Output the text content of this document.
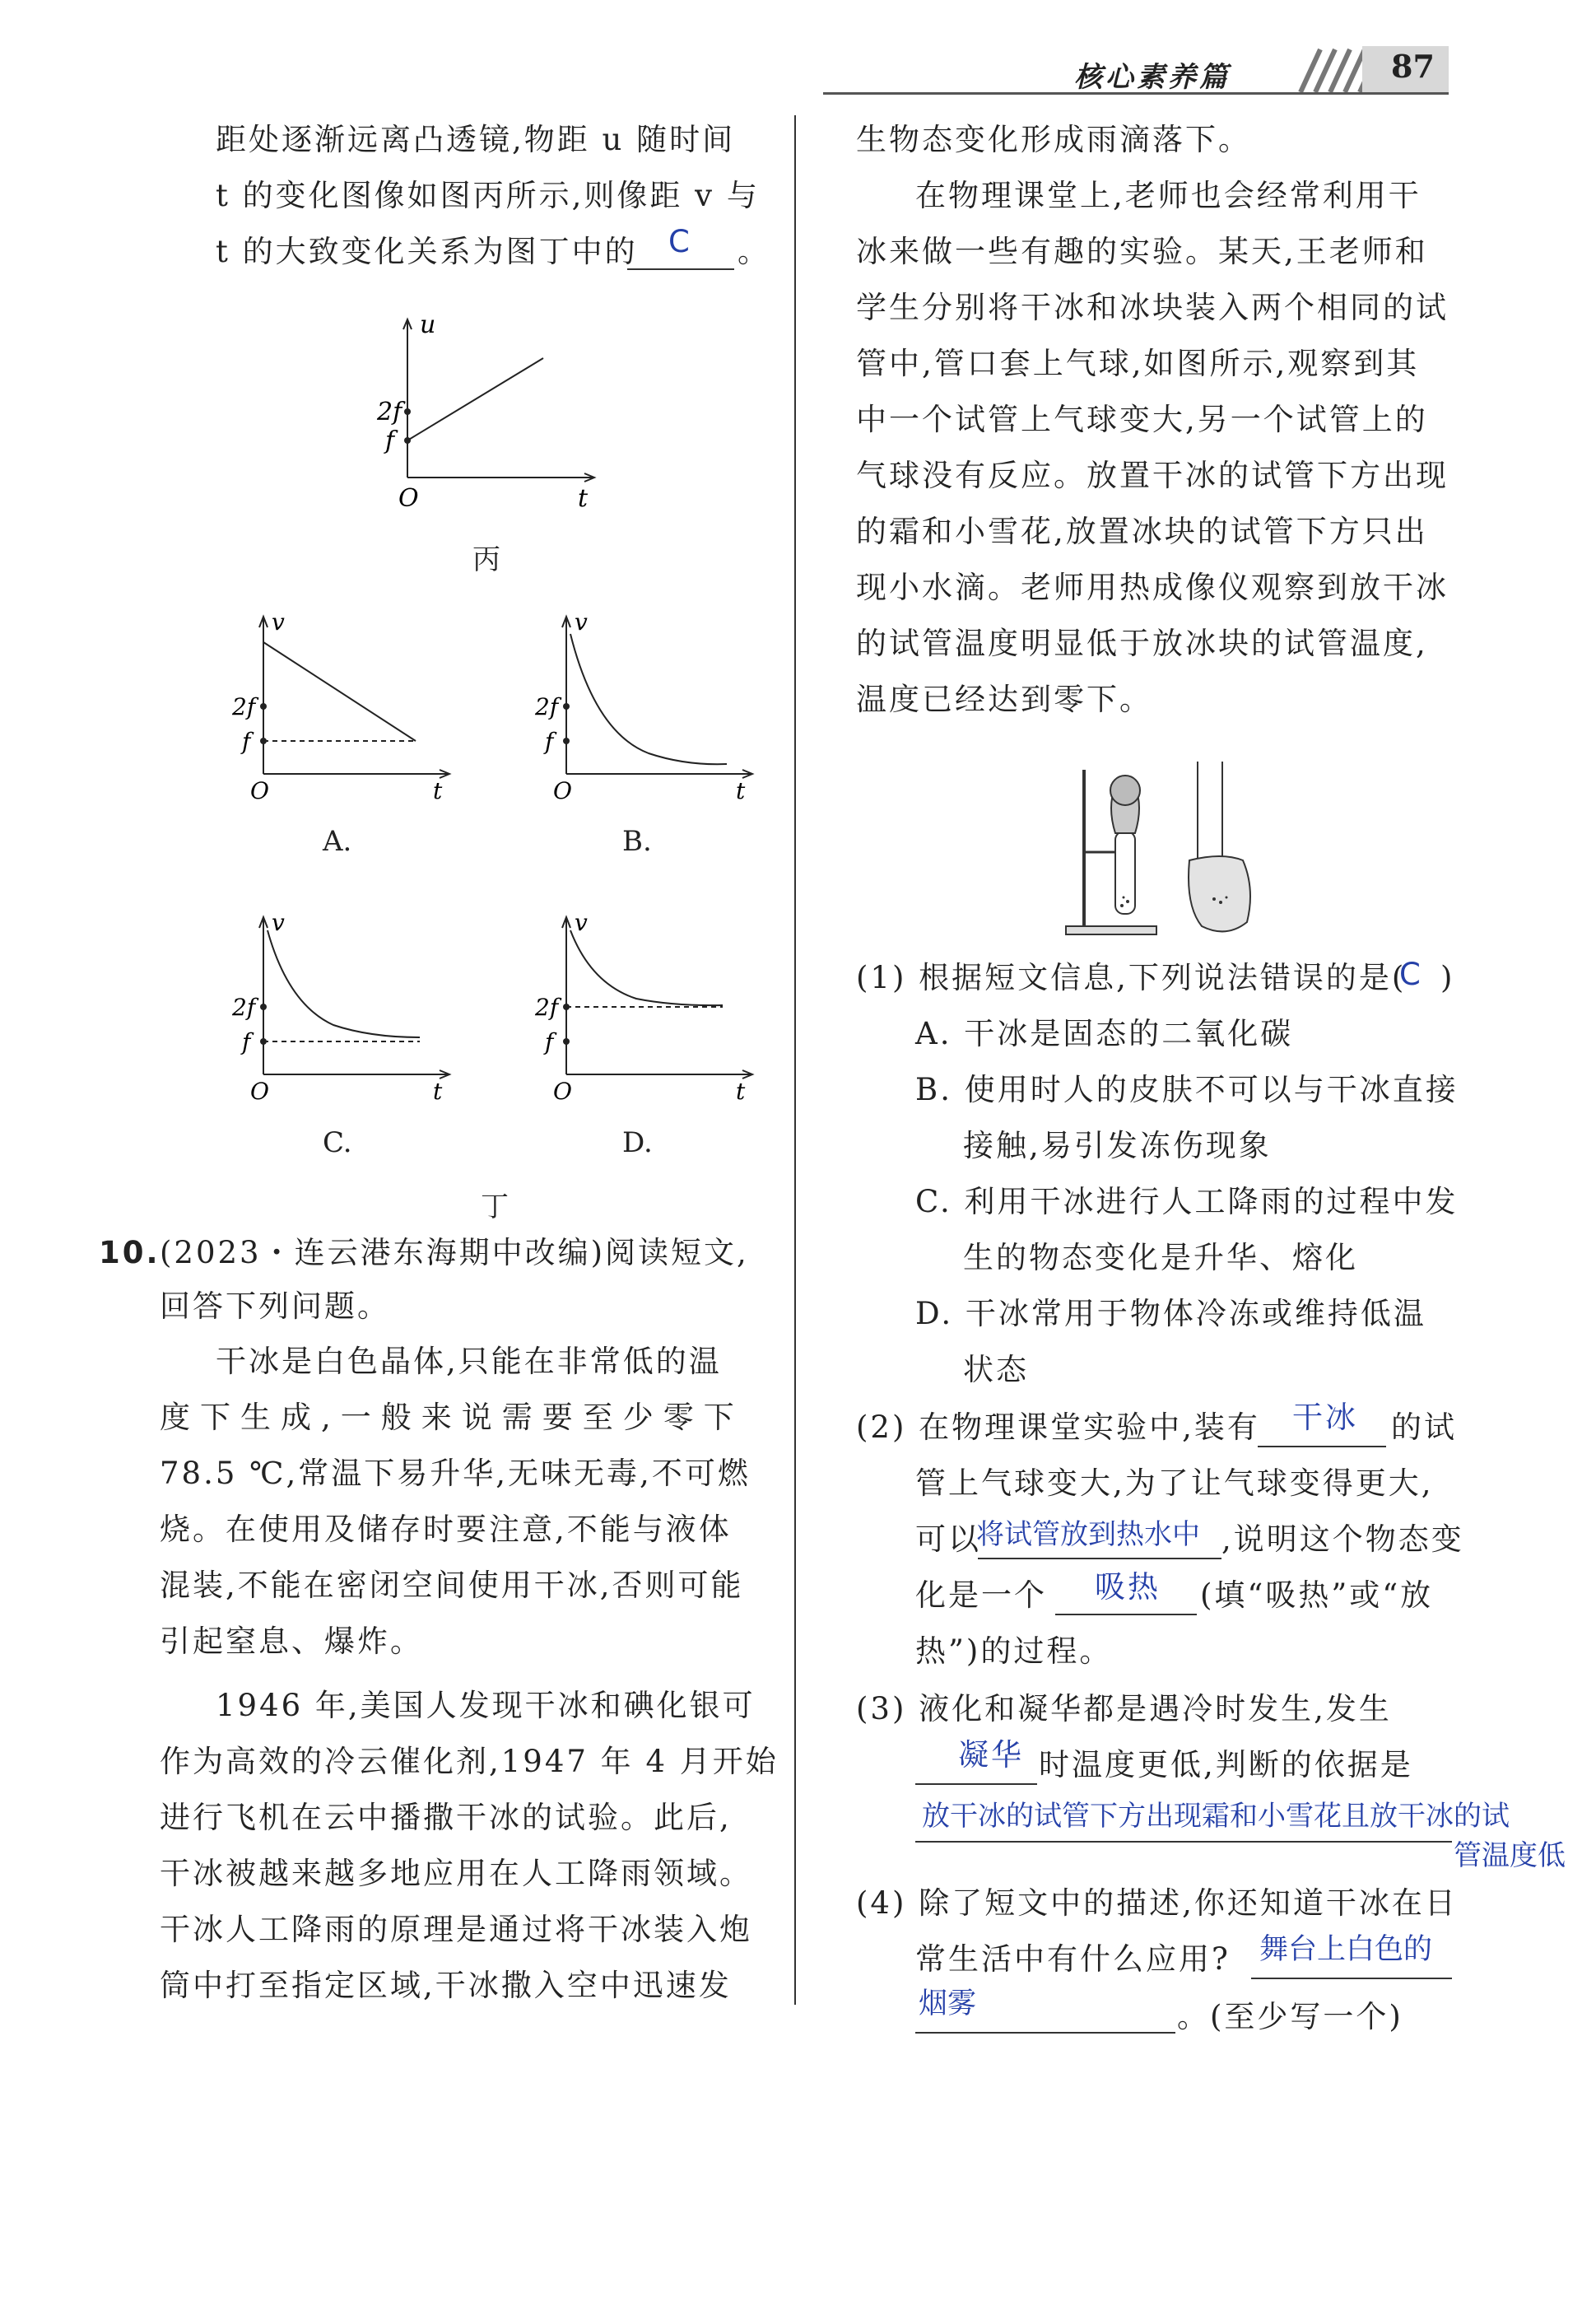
核心素养篇	87
距处逐渐远离凸透镜,物距 u 随时间
t 的变化图像如图丙所示,则像距 v 与
t 的大致变化关系为图丁中的 C 。
u
2f
f
O	t
丙
v
2f
f
O	t
A.
v
2f
f
O	t
B.
v
2f
f
O	t
C.
v
2f
f
O	t
D.
丁
10. (2023・连云港东海期中改编)阅读短文,
回答下列问题。
干冰是白色晶体,只能在非常低的温
度下生成,一般来说需要至少零下
78.5 ℃,常温下易升华,无味无毒,不可燃
烧。在使用及储存时要注意,不能与液体
混装,不能在密闭空间使用干冰,否则可能
引起窒息、爆炸。
1946 年,美国人发现干冰和碘化银可
作为高效的冷云催化剂,1947 年 4 月开始
进行飞机在云中播撒干冰的试验。此后,
干冰被越来越多地应用在人工降雨领域。
干冰人工降雨的原理是通过将干冰装入炮
筒中打至指定区域,干冰撒入空中迅速发
生物态变化形成雨滴落下。
在物理课堂上,老师也会经常利用干
冰来做一些有趣的实验。某天,王老师和
学生分别将干冰和冰块装入两个相同的试
管中,管口套上气球,如图所示,观察到其
中一个试管上气球变大,另一个试管上的
气球没有反应。放置干冰的试管下方出现
的霜和小雪花,放置冰块的试管下方只出
现小水滴。老师用热成像仪观察到放干冰
的试管温度明显低于放冰块的试管温度,
温度已经达到零下。
(1) 根据短文信息,下列说法错误的是(
C )
A. 干冰是固态的二氧化碳
B. 使用时人的皮肤不可以与干冰直接
接触,易引发冻伤现象
C. 利用干冰进行人工降雨的过程中发
生的物态变化是升华、熔化
D. 干冰常用于物体冷冻或维持低温
状态
(2) 在物理课堂实验中,装有 干冰 的试
管上气球变大,为了让气球变得更大,
可以
将试管放到热水中 ,说明这个物态变
化是一个 吸热 (填“吸热”或“放
热”)的过程。
(3) 液化和凝华都是遇冷时发生,发生
凝华 时温度更低,判断的依据是
放干冰的试管下方出现霜和小雪花且放干冰的试
管温度低
(4) 除了短文中的描述,你还知道干冰在日
常生活中有什么应用? 舞台上白色的
烟雾	。(至少写一个)
